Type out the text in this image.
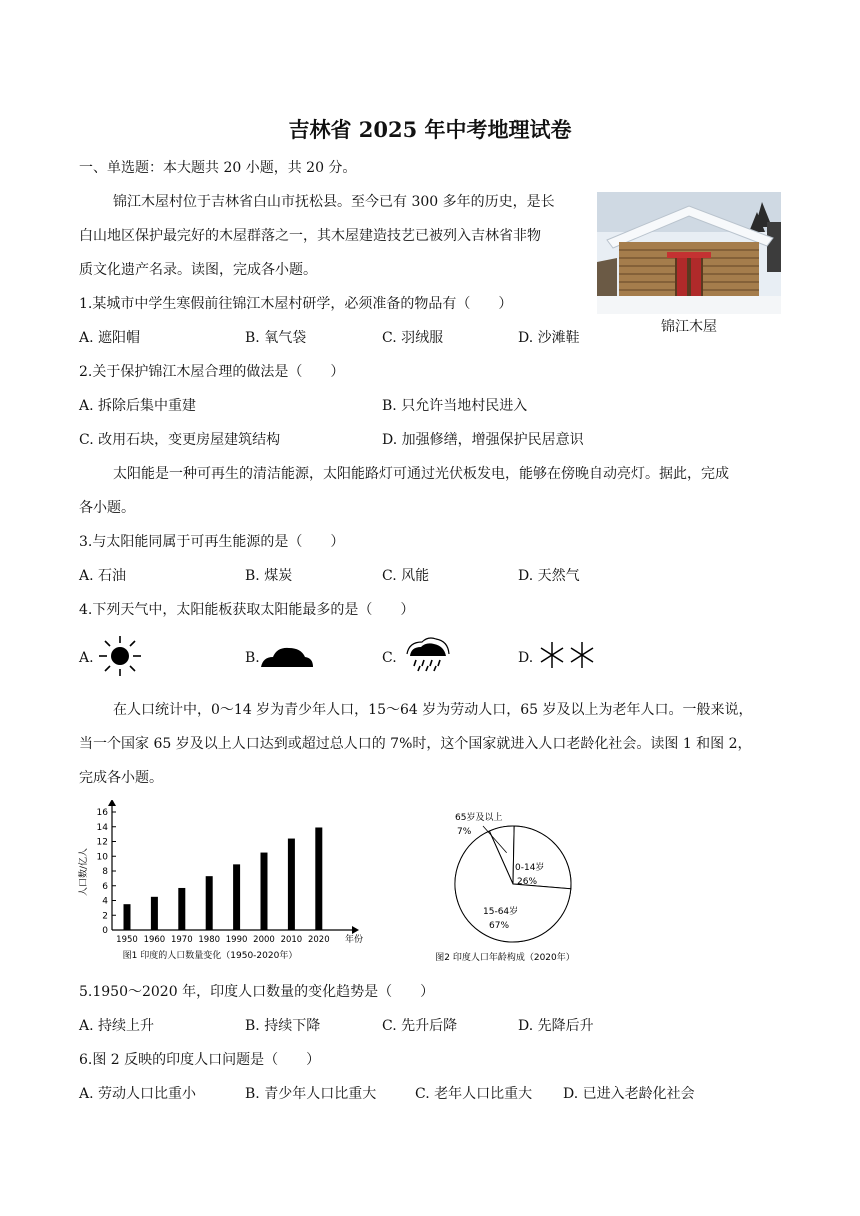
吉林省 2025 年中考地理试卷
一、单选题：本大题共 20 小题，共 20 分。
锦江木屋村位于吉林省白山市抚松县。至今已有 300 多年的历史，是长
白山地区保护最完好的木屋群落之一，其木屋建造技艺已被列入吉林省非物
质文化遗产名录。读图，完成各小题。
锦江木屋
1.某城市中学生寒假前往锦江木屋村研学，必须准备的物品有（　　）
A. 遮阳帽	B. 氧气袋	C. 羽绒服	D. 沙滩鞋
2.关于保护锦江木屋合理的做法是（　　）
A. 拆除后集中重建	B. 只允许当地村民进入
C. 改用石块，变更房屋建筑结构	D. 加强修缮，增强保护民居意识
太阳能是一种可再生的清洁能源，太阳能路灯可通过光伏板发电，能够在傍晚自动亮灯。据此，完成
各小题。
3.与太阳能同属于可再生能源的是（　　）
A. 石油	B. 煤炭	C. 风能	D. 天然气
4.下列天气中，太阳能板获取太阳能最多的是（　　）
A.	B.	C.	D.
在人口统计中，0～14 岁为青少年人口，15～64 岁为劳动人口，65 岁及以上为老年人口。一般来说，
当一个国家 65 岁及以上人口达到或超过总人口的 7%时，这个国家就进入人口老龄化社会。读图 1 和图 2，
完成各小题。
0
2
4
6
8
10
12
14
16
人口数/亿人
1950 1960 1970 1980 1990 2000 2010 2020 年份
图1 印度的人口数量变化（1950-2020年）
65岁及以上
7%
0-14岁
26%
15-64岁
67%
图2 印度人口年龄构成（2020年）
5.1950～2020 年，印度人口数量的变化趋势是（　　）
A. 持续上升	B. 持续下降	C. 先升后降	D. 先降后升
6.图 2 反映的印度人口问题是（　　）
A. 劳动人口比重小	B. 青少年人口比重大	C. 老年人口比重大 D. 已进入老龄化社会
